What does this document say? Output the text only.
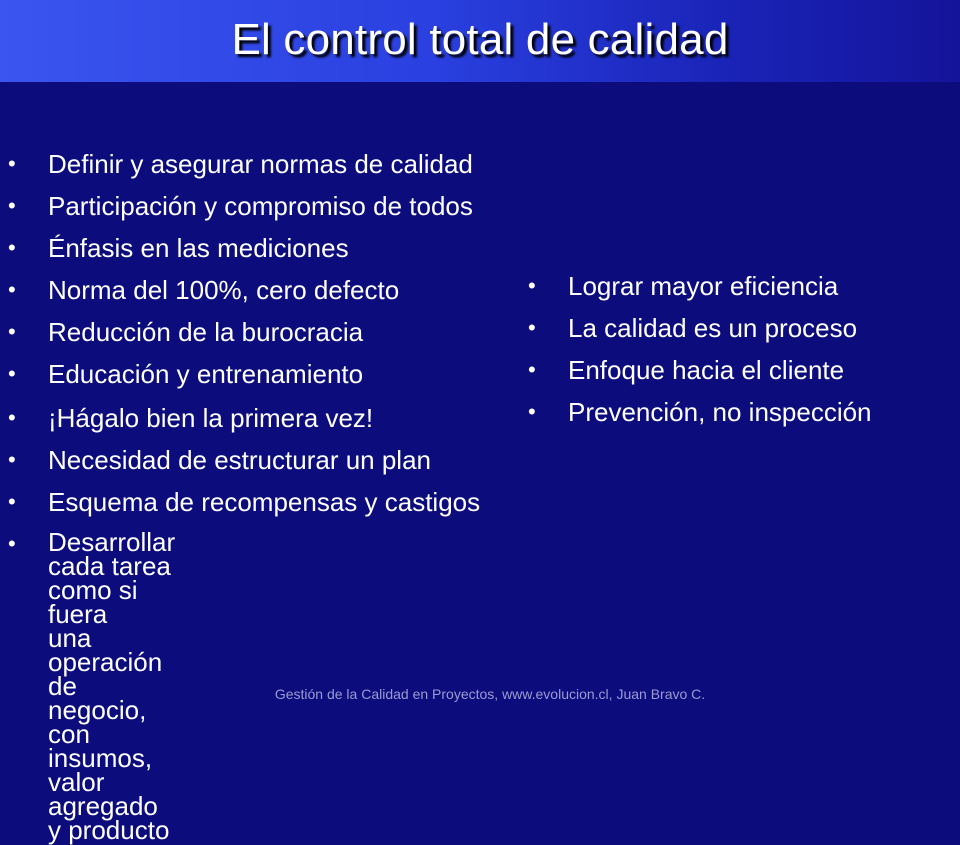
El control total de calidad
• Definir y asegurar normas de calidad
• Participación y compromiso de todos
• Énfasis en las mediciones
• Norma del 100%, cero defecto
• Reducción de la burocracia
• Educación y entrenamiento
• ¡Hágalo bien la primera vez!
• Necesidad de estructurar un plan
• Esquema de recompensas y castigos
• Desarrollar cada tarea como si fuera
una operación de negocio, con
insumos, valor agregado y producto
• Lograr mayor eficiencia
• La calidad es un proceso
• Enfoque hacia el cliente
• Prevención, no inspección
Gestión de la Calidad en Proyectos, www.evolucion.cl, Juan Bravo C.
